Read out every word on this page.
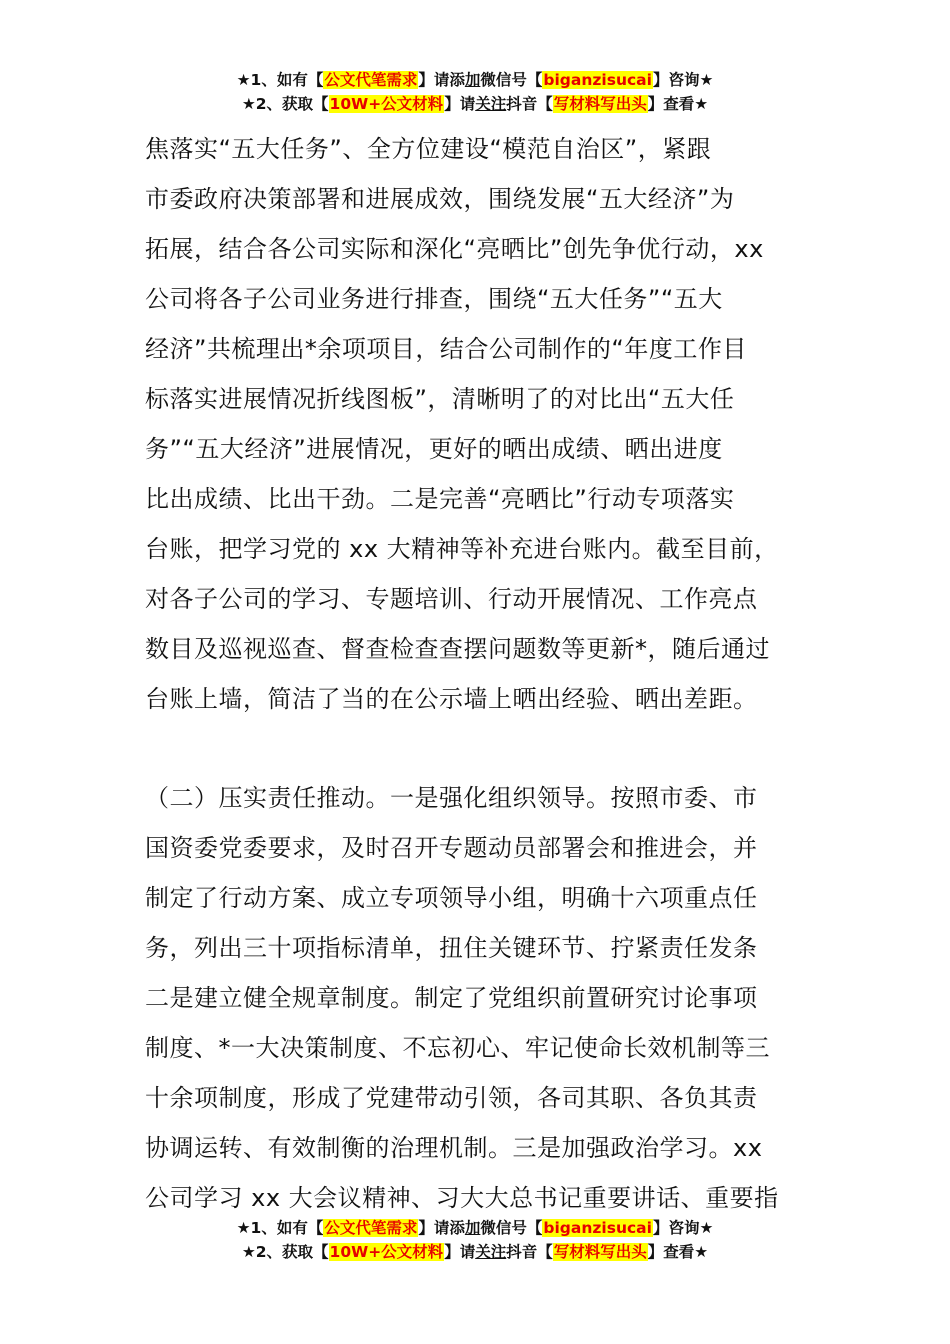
★1、如有【公文代笔需求】请添加微信号【biganzisucai】咨询★
★2、获取【10W+公文材料】请关注抖音【写材料写出头】查看★
焦落实“五大任务”、全方位建设“模范自治区”，紧跟
市委政府决策部署和进展成效，围绕发展“五大经济”为
拓展，结合各公司实际和深化“亮晒比”创先争优行动，xx
公司将各子公司业务进行排查，围绕“五大任务”“五大
经济”共梳理出*余项项目，结合公司制作的“年度工作目
标落实进展情况折线图板”，清晰明了的对比出“五大任
务”“五大经济”进展情况，更好的晒出成绩、晒出进度
比出成绩、比出干劲。二是完善“亮晒比”行动专项落实
台账，把学习党的 xx 大精神等补充进台账内。截至目前，
对各子公司的学习、专题培训、行动开展情况、工作亮点
数目及巡视巡查、督查检查查摆问题数等更新*，随后通过
台账上墙，简洁了当的在公示墙上晒出经验、晒出差距。
（二）压实责任推动。一是强化组织领导。按照市委、市
国资委党委要求，及时召开专题动员部署会和推进会，并
制定了行动方案、成立专项领导小组，明确十六项重点任
务，列出三十项指标清单，扭住关键环节、拧紧责任发条
二是建立健全规章制度。制定了党组织前置研究讨论事项
制度、*一大决策制度、不忘初心、牢记使命长效机制等三
十余项制度，形成了党建带动引领，各司其职、各负其责
协调运转、有效制衡的治理机制。三是加强政治学习。xx
公司学习 xx 大会议精神、习大大总书记重要讲话、重要指
★1、如有【公文代笔需求】请添加微信号【biganzisucai】咨询★
★2、获取【10W+公文材料】请关注抖音【写材料写出头】查看★
